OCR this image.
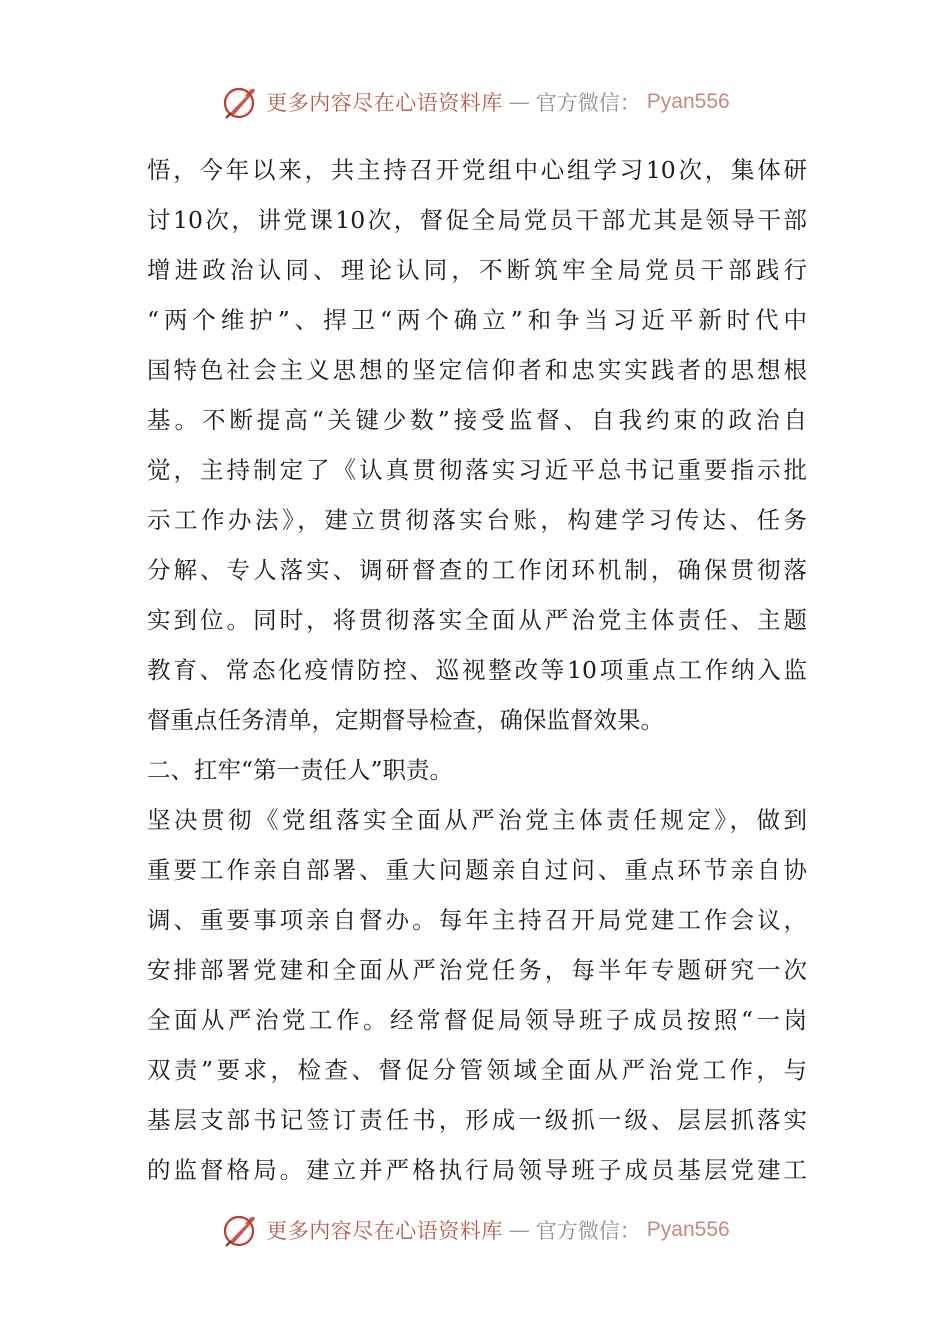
更多内容尽在心语资料库 — 官方微信： Pyan556
悟，今年以来，共主持召开党组中心组学习10次，集体研
讨10次，讲党课10次，督促全局党员干部尤其是领导干部
增进政治认同、理论认同，不断筑牢全局党员干部践行
“两个维护”、捍卫“两个确立”和争当习近平新时代中
国特色社会主义思想的坚定信仰者和忠实实践者的思想根
基。不断提高“关键少数”接受监督、自我约束的政治自
觉，主持制定了《认真贯彻落实习近平总书记重要指示批
示工作办法》，建立贯彻落实台账，构建学习传达、任务
分解、专人落实、调研督查的工作闭环机制，确保贯彻落
实到位。同时，将贯彻落实全面从严治党主体责任、主题
教育、常态化疫情防控、巡视整改等10项重点工作纳入监
督重点任务清单，定期督导检查，确保监督效果。
二、扛牢“第一责任人”职责。
坚决贯彻《党组落实全面从严治党主体责任规定》，做到
重要工作亲自部署、重大问题亲自过问、重点环节亲自协
调、重要事项亲自督办。每年主持召开局党建工作会议，
安排部署党建和全面从严治党任务，每半年专题研究一次
全面从严治党工作。经常督促局领导班子成员按照“一岗
双责”要求，检查、督促分管领域全面从严治党工作，与
基层支部书记签订责任书，形成一级抓一级、层层抓落实
的监督格局。建立并严格执行局领导班子成员基层党建工
更多内容尽在心语资料库 — 官方微信： Pyan556
